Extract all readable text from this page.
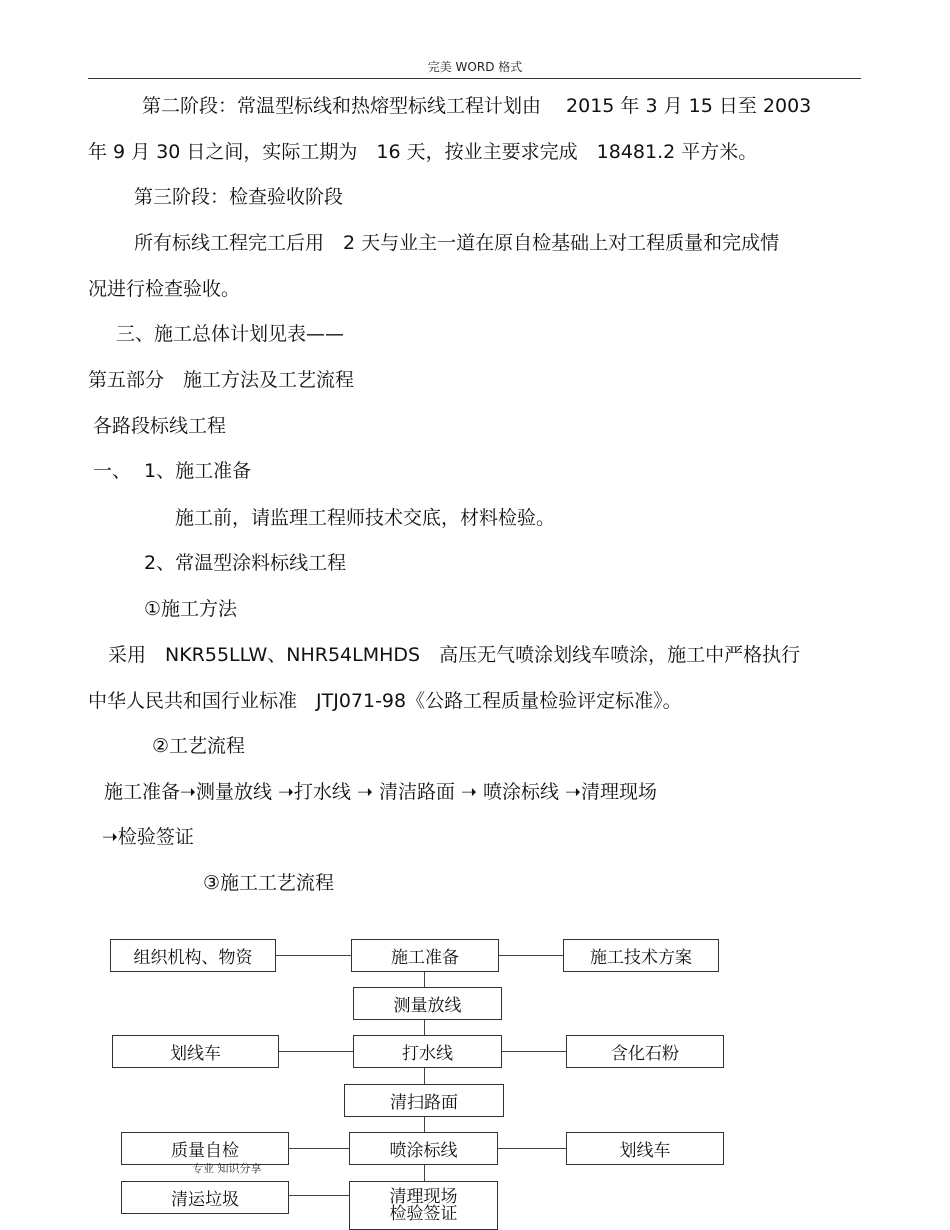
完美 WORD 格式
第二阶段：常温型标线和热熔型标线工程计划由　 2015 年 3 月 15 日至 2003
年 9 月 30 日之间，实际工期为　16 天，按业主要求完成　18481.2 平方米。
第三阶段：检查验收阶段
所有标线工程完工后用　2 天与业主一道在原自检基础上对工程质量和完成情
况进行检查验收。
三、施工总体计划见表——
第五部分　施工方法及工艺流程
各路段标线工程
一、 1、施工准备
施工前，请监理工程师技术交底，材料检验。
2、常温型涂料标线工程
①施工方法
采用　NKR55LLW、NHR54LMHDS　高压无气喷涂划线车喷涂，施工中严格执行
中华人民共和国行业标准　JTJ071-98《公路工程质量检验评定标准》。
②工艺流程
施工准备➝测量放线 ➝打水线 ➝ 清洁路面 ➝ 喷涂标线 ➝清理现场
➝检验签证
③施工工艺流程
组织机构、物资	施工准备	施工技术方案
测量放线
划线车	打水线	含化石粉
清扫路面
质量自检	喷涂标线	划线车
清运垃圾	清理现场
检验签证
专业 知识分享
